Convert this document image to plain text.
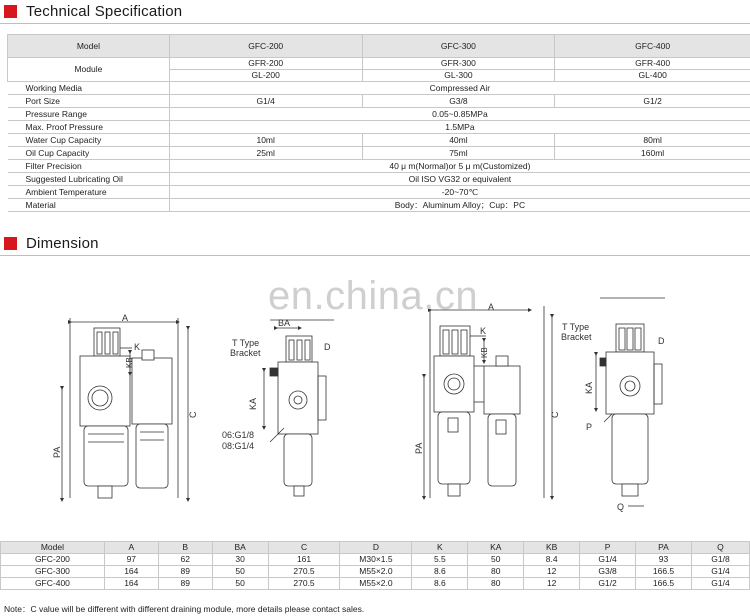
Technical Specification
Model	GFC-200	GFC-300	GFC-400
Module	GFR-200	GFR-300	GFR-400
	GL-200	GL-300	GL-400
Working Media	Compressed Air		
Port Size	G1/4	G3/8	G1/2
Pressure Range	0.05~0.85MPa		
Max. Proof Pressure	1.5MPa		
Water Cup Capacity	10ml	40ml	80ml
Oil Cup Capacity	25ml	75ml	160ml
Filter Precision	40 μ m(Normal)or 5 μ m(Customized)		
Suggested Lubricating Oil	Oil ISO VG32 or equivalent		
Ambient Temperature	-20~70℃		
Material	Body：Aluminum Alloy；Cup：PC		
Dimension
A
K
KB
C
PA
BA
T Type
Bracket
D
KA
06:G1/8
08:G1/4
A
K
KB
C
PA
T Type
Bracket	D
KA
P
Q
en.china.cn
Model	A	B	BA	C	D	K	KA	KB	P	PA	Q
GFC-200	97	62	30	161	M30×1.5	5.5	50	8.4	G1/4	93	G1/8
GFC-300	164	89	50	270.5	M55×2.0	8.6	80	12	G3/8	166.5	G1/4
GFC-400	164	89	50	270.5	M55×2.0	8.6	80	12	G1/2	166.5	G1/4
Note：C value will be different with different draining module, more details please contact sales.
